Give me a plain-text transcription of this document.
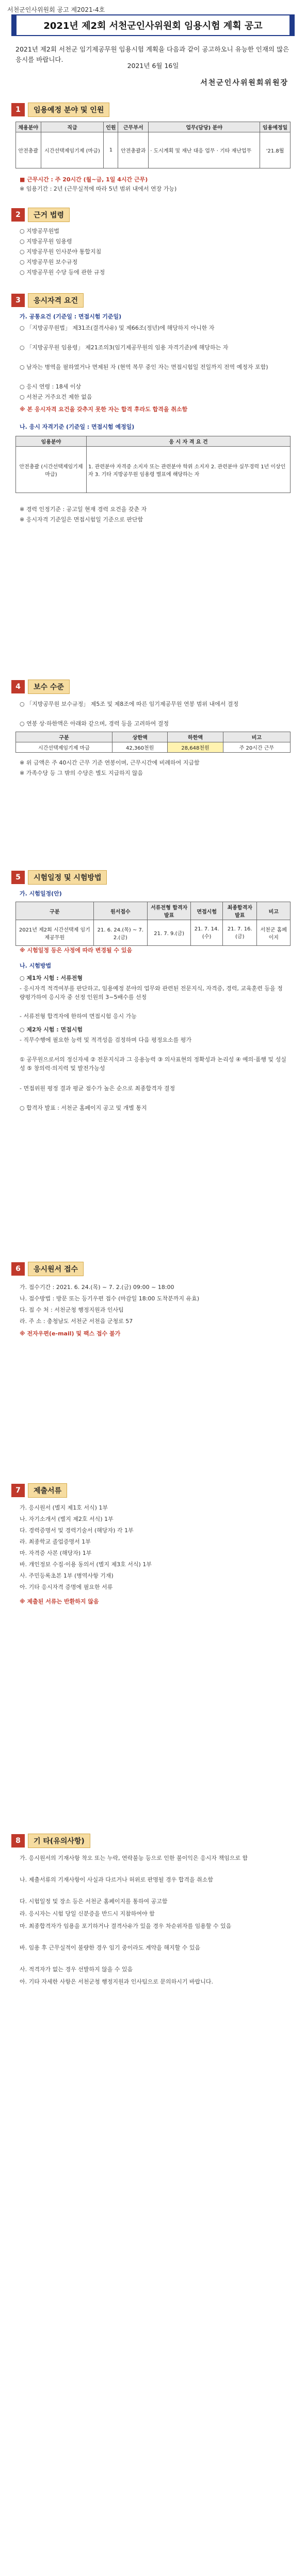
서천군인사위원회 공고 제2021-4호
2021년 제2회 서천군인사위원회 임용시험 계획 공고
2021년 제2회 서천군 임기제공무원 임용시험 계획을 다음과 같이 공고하오니 유능한 인재의 많은 응시를 바랍니다.
2021년 6월 16일
서천군인사위원회위원장
1	임용예정 분야 및 인원
채용분야	직급	인원	근무부서	업무(담당) 분야	임용예정일
안전총괄	시간선택제임기제 (마급)	1	안전총괄과	· 도시계획 및 재난 대응 업무 · 기타 재난업무	'21.8월
■ 근무시간 : 주 20시간 (월~금, 1일 4시간 근무)
※ 임용기간 : 2년 (근무실적에 따라 5년 범위 내에서 연장 가능)
2	근거 법령
○ 지방공무원법
○ 지방공무원 임용령
○ 지방공무원 인사분야 통합지침
○ 지방공무원 보수규정
○ 지방공무원 수당 등에 관한 규정
3	응시자격 요건
가. 공통요건 (기준일 : 면접시험 기준일)
○ 「지방공무원법」 제31조(결격사유) 및 제66조(정년)에 해당하지 아니한 자
○ 「지방공무원 임용령」 제21조의3(임기제공무원의 임용 자격기준)에 해당하는 자
○ 남자는 병역을 필하였거나 면제된 자 (현역 복무 중인 자는 면접시험일 전일까지 전역 예정자 포함)
○ 응시 연령 : 18세 이상
○ 서천군 거주요건 제한 없음
※ 본 응시자격 요건을 갖추지 못한 자는 합격 후라도 합격을 취소함
나. 응시 자격기준 (기준일 : 면접시험 예정일)
임용분야	응 시 자 격 요 건
안전총괄 (시간선택제임기제 마급)	1. 관련분야 자격증 소지자 또는 관련분야 학위 소지자 2. 관련분야 실무경력 1년 이상인 자 3. 기타 지방공무원 임용령 별표에 해당하는 자
※ 경력 인정기준 : 공고일 현재 경력 요건을 갖춘 자
※ 응시자격 기준일은 면접시험일 기준으로 판단함
4	보수 수준
○ 「지방공무원 보수규정」 제5조 및 제8조에 따른 임기제공무원 연봉 범위 내에서 결정
○ 연봉 상·하한액은 아래와 같으며, 경력 등을 고려하여 결정
구분	상한액	하한액	비고
시간선택제임기제 마급	42,360천원	28,648천원	주 20시간 근무
※ 위 금액은 주 40시간 근무 기준 연봉이며, 근무시간에 비례하여 지급함
※ 가족수당 등 그 밖의 수당은 별도 지급하지 않음
5	시험일정 및 시험방법
가. 시험일정(안)
구분	원서접수	서류전형 합격자 발표	면접시험	최종합격자 발표	비고
2021년 제2회 시간선택제 임기제공무원	21. 6. 24.(목) ~ 7. 2.(금)	21. 7. 9.(금)	21. 7. 14.(수)	21. 7. 16.(금)	서천군 홈페이지
※ 시험일정 등은 사정에 따라 변경될 수 있음
나. 시험방법
○ 제1차 시험 : 서류전형
- 응시자격 적격여부를 판단하고, 임용예정 분야의 업무와 관련된 전문지식, 자격증, 경력, 교육훈련 등을 정량평가하여 응시자 중 선정 인원의 3~5배수를 선정
- 서류전형 합격자에 한하여 면접시험 응시 가능
○ 제2차 시험 : 면접시험
- 직무수행에 필요한 능력 및 적격성을 검정하며 다음 평정요소를 평가
① 공무원으로서의 정신자세 ② 전문지식과 그 응용능력 ③ 의사표현의 정확성과 논리성 ④ 예의·품행 및 성실성 ⑤ 창의력·의지력 및 발전가능성
- 면접위원 평정 결과 평균 점수가 높은 순으로 최종합격자 결정
○ 합격자 발표 : 서천군 홈페이지 공고 및 개별 통지
6	응시원서 접수
가. 접수기간 : 2021. 6. 24.(목) ~ 7. 2.(금) 09:00 ~ 18:00
나. 접수방법 : 방문 또는 등기우편 접수 (마감일 18:00 도착분까지 유효)
다. 접 수 처 : 서천군청 행정지원과 인사팀
라. 주 소 : 충청남도 서천군 서천읍 군청로 57
※ 전자우편(e-mail) 및 팩스 접수 불가
7	제출서류
가. 응시원서 (별지 제1호 서식) 1부
나. 자기소개서 (별지 제2호 서식) 1부
다. 경력증명서 및 경력기술서 (해당자) 각 1부
라. 최종학교 졸업증명서 1부
마. 자격증 사본 (해당자) 1부
바. 개인정보 수집·이용 동의서 (별지 제3호 서식) 1부
사. 주민등록초본 1부 (병역사항 기재)
아. 기타 응시자격 증명에 필요한 서류
※ 제출된 서류는 반환하지 않음
8	기 타(유의사항)
가. 응시원서의 기재사항 착오 또는 누락, 연락불능 등으로 인한 불이익은 응시자 책임으로 함
나. 제출서류의 기재사항이 사실과 다르거나 허위로 판명될 경우 합격을 취소함
다. 시험일정 및 장소 등은 서천군 홈페이지를 통하여 공고함
라. 응시자는 시험 당일 신분증을 반드시 지참하여야 함
마. 최종합격자가 임용을 포기하거나 결격사유가 있을 경우 차순위자를 임용할 수 있음
바. 임용 후 근무실적이 불량한 경우 임기 중이라도 계약을 해지할 수 있음
사. 적격자가 없는 경우 선발하지 않을 수 있음
아. 기타 자세한 사항은 서천군청 행정지원과 인사팀으로 문의하시기 바랍니다.
